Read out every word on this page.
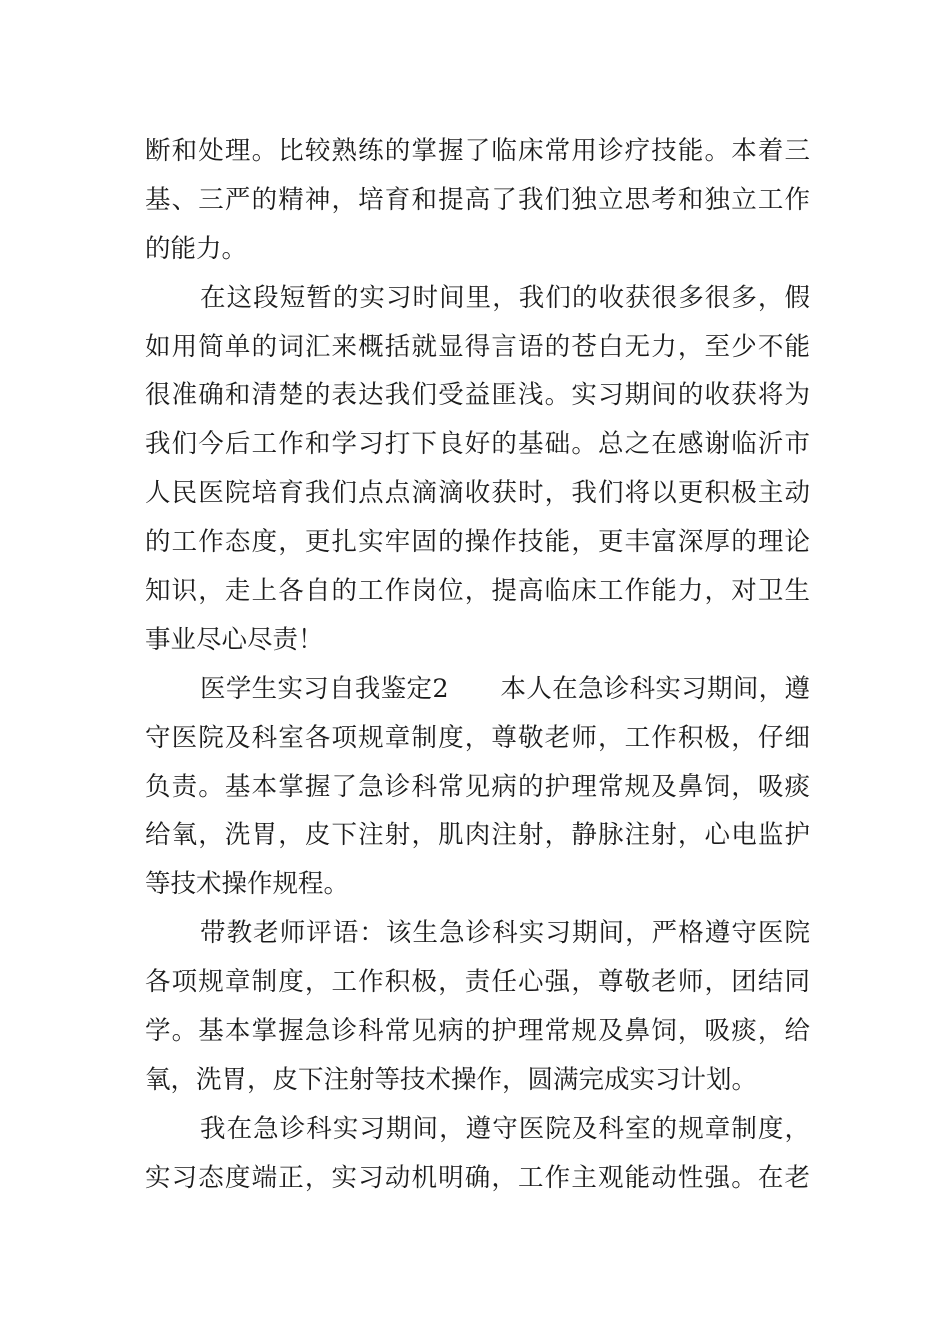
断和处理。比较熟练的掌握了临床常用诊疗技能。本着三
基、三严的精神，培育和提高了我们独立思考和独立工作
的能力。
在这段短暂的实习时间里，我们的收获很多很多，假
如用简单的词汇来概括就显得言语的苍白无力，至少不能
很准确和清楚的表达我们受益匪浅。实习期间的收获将为
我们今后工作和学习打下良好的基础。总之在感谢临沂市
人民医院培育我们点点滴滴收获时，我们将以更积极主动
的工作态度，更扎实牢固的操作技能，更丰富深厚的理论
知识，走上各自的工作岗位，提高临床工作能力，对卫生
事业尽心尽责！
医学生实习自我鉴定2　　本人在急诊科实习期间，遵
守医院及科室各项规章制度，尊敬老师，工作积极，仔细
负责。基本掌握了急诊科常见病的护理常规及鼻饲，吸痰
给氧，洗胃，皮下注射，肌肉注射，静脉注射，心电监护
等技术操作规程。
带教老师评语：该生急诊科实习期间，严格遵守医院
各项规章制度，工作积极，责任心强，尊敬老师，团结同
学。基本掌握急诊科常见病的护理常规及鼻饲，吸痰，给
氧，洗胃，皮下注射等技术操作，圆满完成实习计划。
我在急诊科实习期间，遵守医院及科室的规章制度，
实习态度端正，实习动机明确，工作主观能动性强。在老
